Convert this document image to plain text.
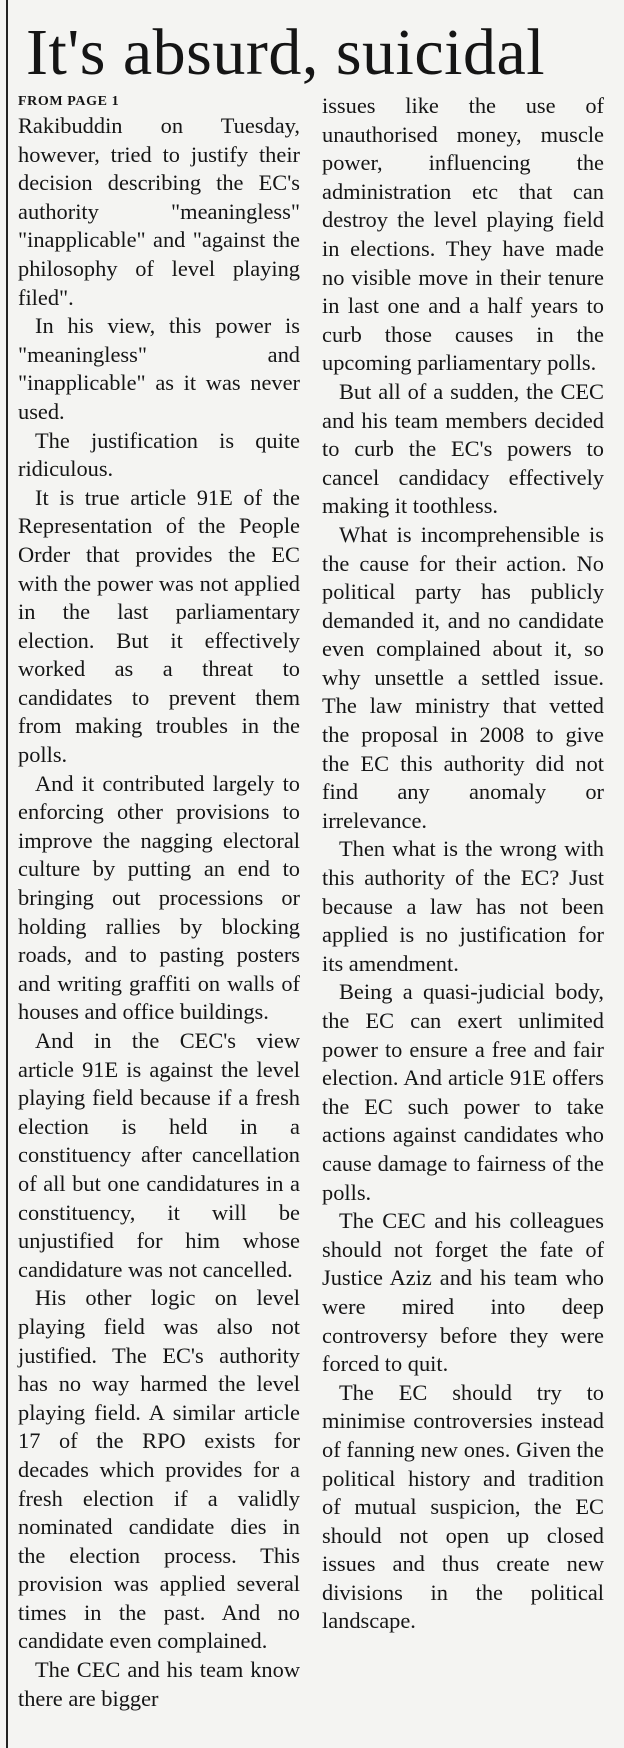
It's absurd, suicidal

FROM PAGE 1

Rakibuddin on Tuesday, however, tried to justify their decision describing the EC's authority "meaningless" "inapplicable" and "against the philosophy of level playing filed".

In his view, this power is "meaningless" and "inapplicable" as it was never used.

The justification is quite ridiculous.

It is true article 91E of the Representation of the People Order that provides the EC with the power was not applied in the last parliamentary election. But it effectively worked as a threat to candidates to prevent them from making troubles in the polls.

And it contributed largely to enforcing other provisions to improve the nagging electoral culture by putting an end to bringing out processions or holding rallies by blocking roads, and to pasting posters and writing graffiti on walls of houses and office buildings.

And in the CEC's view article 91E is against the level playing field because if a fresh election is held in a constituency after cancellation of all but one candidatures in a constituency, it will be unjustified for him whose candidature was not cancelled.

His other logic on level playing field was also not justified. The EC's authority has no way harmed the level playing field. A similar article 17 of the RPO exists for decades which provides for a fresh election if a validly nominated candidate dies in the election process. This provision was applied several times in the past. And no candidate even complained.

The CEC and his team know there are bigger

issues like the use of unauthorised money, muscle power, influencing the administration etc that can destroy the level playing field in elections. They have made no visible move in their tenure in last one and a half years to curb those causes in the upcoming parliamentary polls.

But all of a sudden, the CEC and his team members decided to curb the EC's powers to cancel candidacy effectively making it toothless.

What is incomprehensible is the cause for their action. No political party has publicly demanded it, and no candidate even complained about it, so why unsettle a settled issue. The law ministry that vetted the proposal in 2008 to give the EC this authority did not find any anomaly or irrelevance.

Then what is the wrong with this authority of the EC? Just because a law has not been applied is no justification for its amendment.

Being a quasi-judicial body, the EC can exert unlimited power to ensure a free and fair election. And article 91E offers the EC such power to take actions against candidates who cause damage to fairness of the polls.

The CEC and his colleagues should not forget the fate of Justice Aziz and his team who were mired into deep controversy before they were forced to quit.

The EC should try to minimise controversies instead of fanning new ones. Given the political history and tradition of mutual suspicion, the EC should not open up closed issues and thus create new divisions in the political landscape.
